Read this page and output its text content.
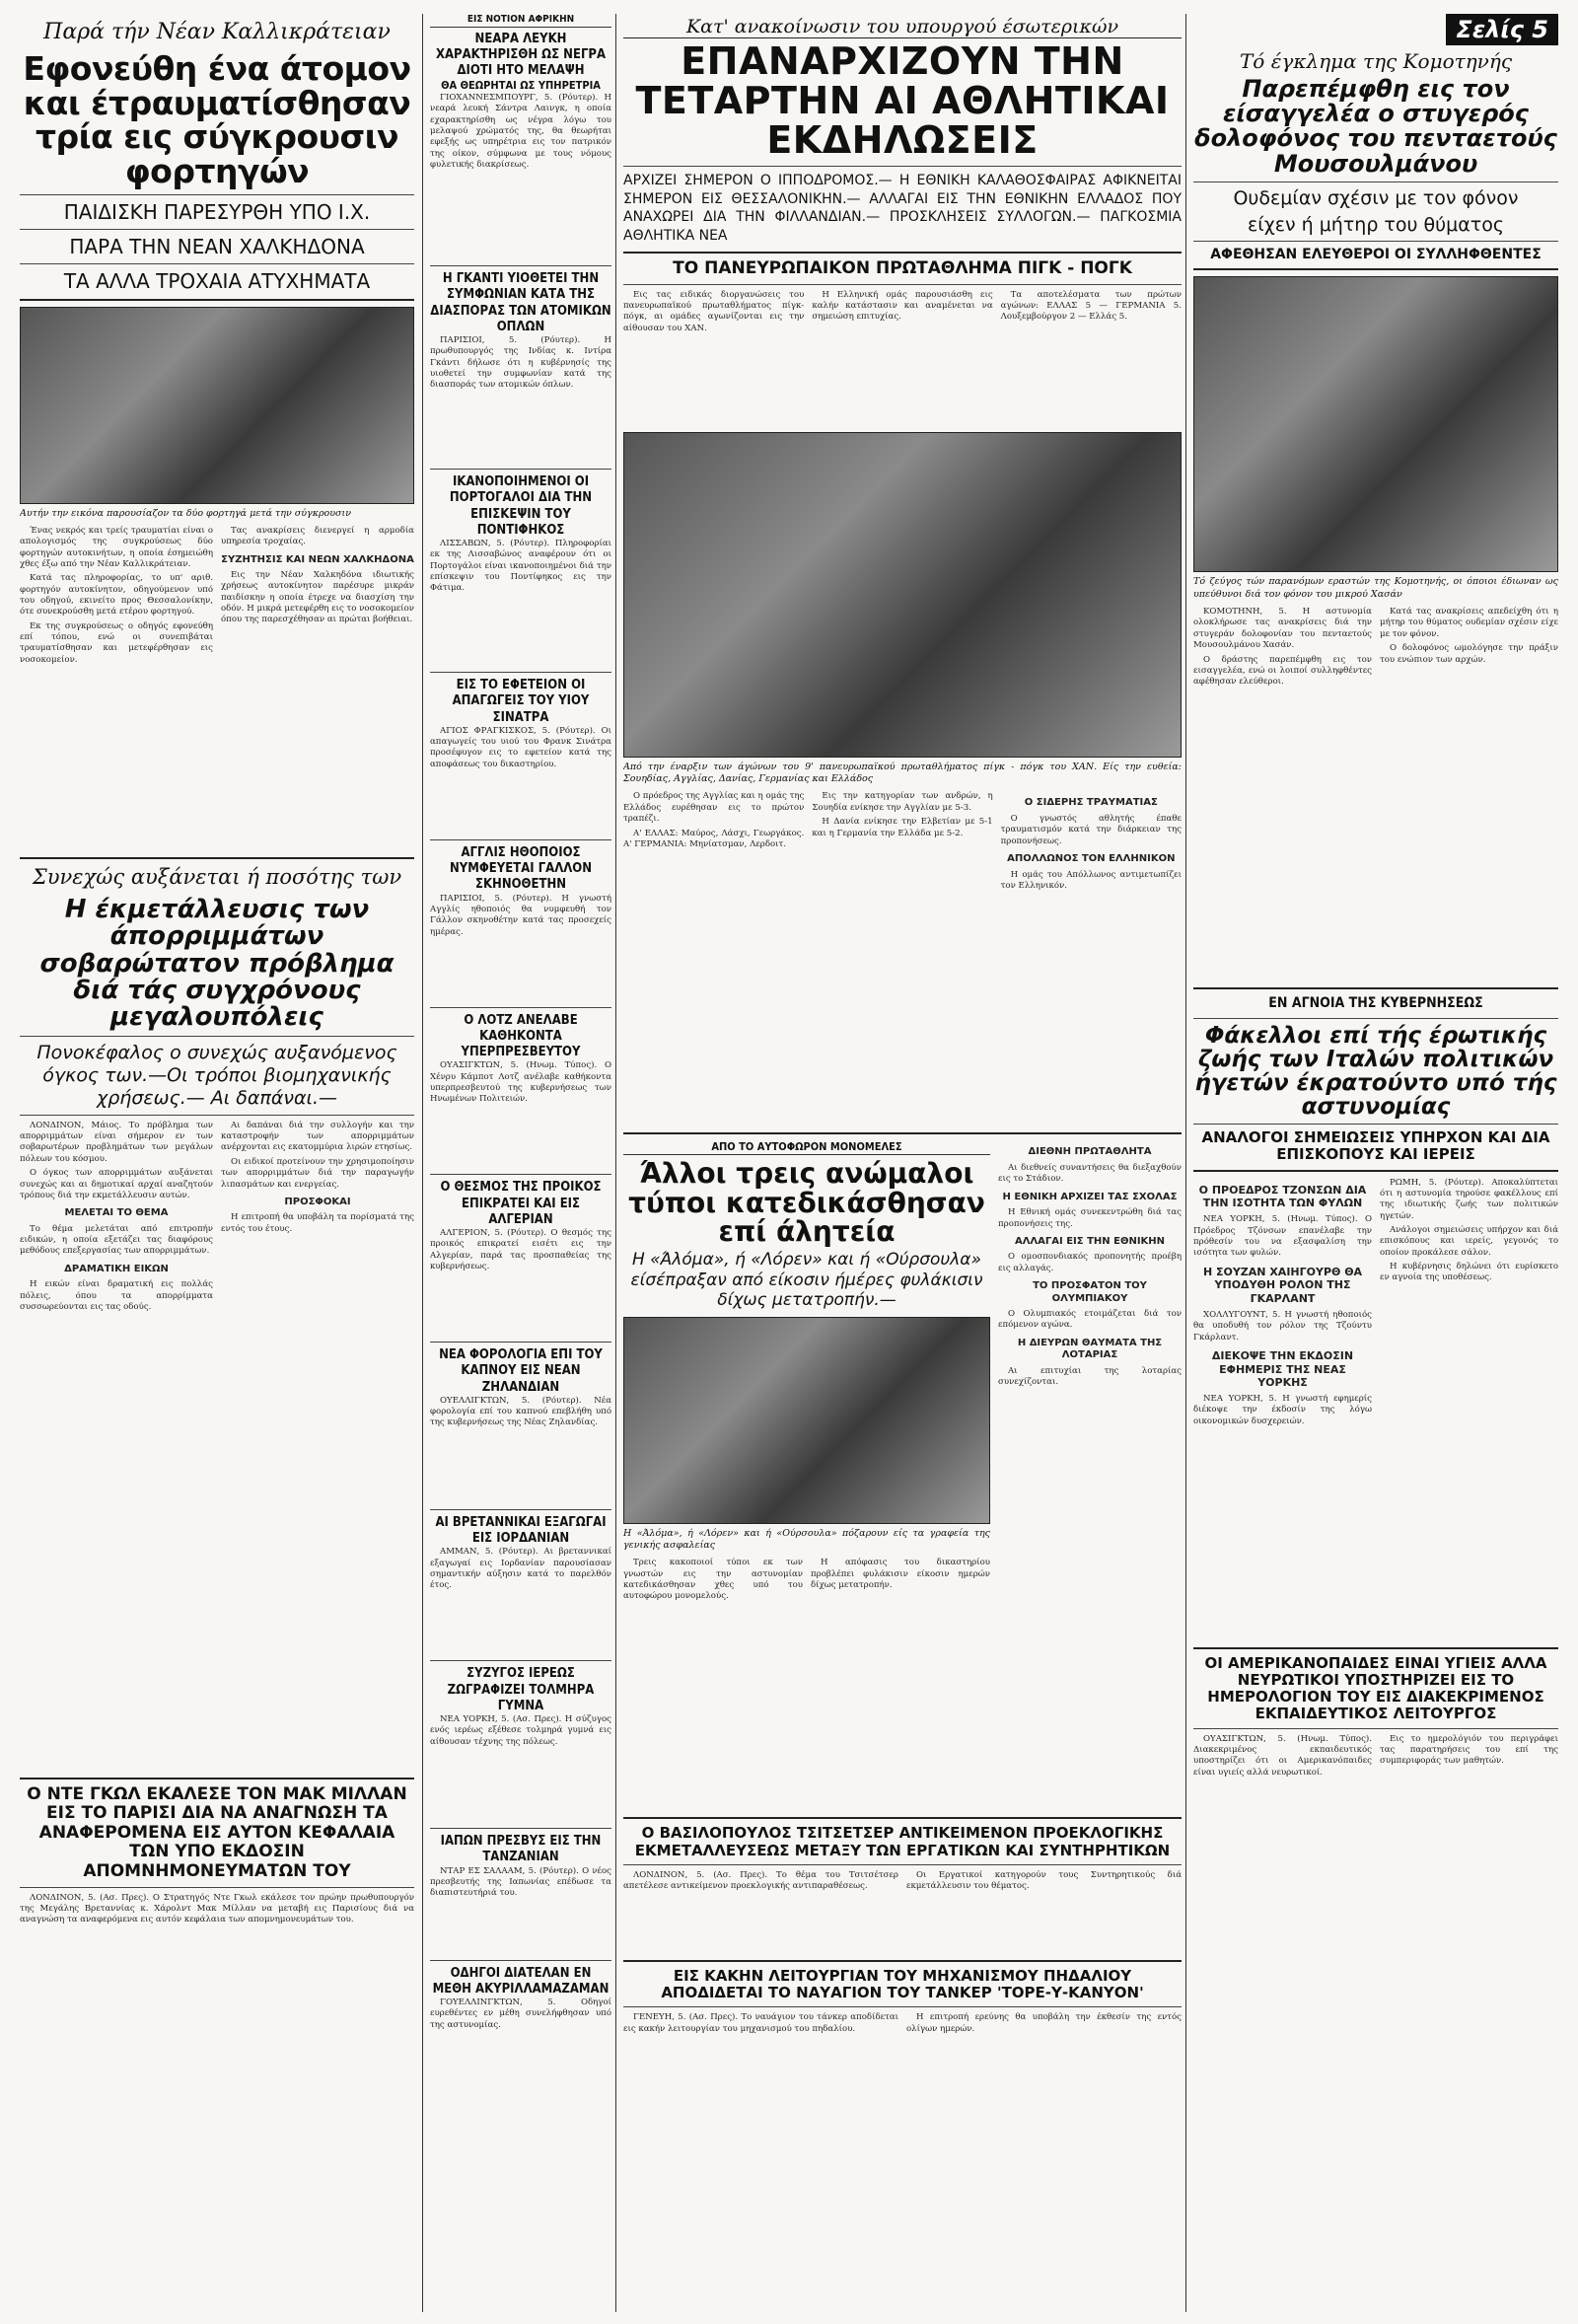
Παρά τήν Νέαν Καλλικράτειαν
Εφονεύθη ένα άτομον και έτραυματίσθησαν τρία εις σύγκρουσιν φορτηγών
ΠΑΙΔΙΣΚΗ ΠΑΡΕΣΥΡΘΗ ΥΠΟ Ι.Χ.
ΠΑΡΑ ΤΗΝ ΝΕΑΝ ΧΑΛΚΗΔΟΝΑ
ΤΑ ΑΛΛΑ ΤΡΟΧΑΙΑ ΑΤΥΧΗΜΑΤΑ
Αυτήν την εικόνα παρουσίαζον τα δύο φορτηγά μετά την σύγκρουσιν

Ένας νεκρός και τρείς τραυματίαι είναι ο απολογισμός της συγκρούσεως δύο φορτηγών αυτοκινήτων, η οποία έσημειώθη χθες έξω από την Νέαν Καλλικράτειαν.

Κατά τας πληροφορίας, το υπ' αριθ. φορτηγόν αυτοκίνητον, οδηγούμενον υπό του οδηγού, εκινείτο προς Θεσσαλονίκην, ότε συνεκρούσθη μετά ετέρου φορτηγού.

Εκ της συγκρούσεως ο οδηγός εφονεύθη επί τόπου, ενώ οι συνεπιβάται τραυματίσθησαν και μετεφέρθησαν εις νοσοκομείον.

Τας ανακρίσεις διενεργεί η αρμοδία υπηρεσία τροχαίας.

ΣΥΖΗΤΗΣΙΣ ΚΑΙ ΝΕΩΝ ΧΑΛΚΗΔΟΝΑ

Εις την Νέαν Χαλκηδόνα ιδιωτικής χρήσεως αυτοκίνητον παρέσυρε μικράν παιδίσκην η οποία έτρεχε να διασχίση την οδόν. Η μικρά μετεφέρθη εις το νοσοκομείον όπου της παρεσχέθησαν αι πρώται βοήθειαι.

Συνεχώς αυξάνεται ή ποσότης των
Η έκμετάλλευσις των άπορριμμάτων σοβαρώτατον πρόβλημα διά τάς συγχρόνους μεγαλουπόλεις
Πονοκέφαλος ο συνεχώς αυξανόμενος όγκος των.—Οι τρόποι βιομηχανικής χρήσεως.— Αι δαπάναι.—

ΛΟΝΔΙΝΟΝ, Μάιος. Το πρόβλημα των απορριμμάτων είναι σήμερον εν των σοβαρωτέρων προβλημάτων των μεγάλων πόλεων του κόσμου.

Ο όγκος των απορριμμάτων αυξάνεται συνεχώς και αι δημοτικαί αρχαί αναζητούν τρόπους διά την εκμετάλλευσιν αυτών.

ΜΕΛΕΤΑΙ ΤΟ ΘΕΜΑ

Το θέμα μελετάται από επιτροπήν ειδικών, η οποία εξετάζει τας διαφόρους μεθόδους επεξεργασίας των απορριμμάτων.

ΔΡΑΜΑΤΙΚΗ ΕΙΚΩΝ

Η εικών είναι δραματική εις πολλάς πόλεις, όπου τα απορρίμματα συσσωρεύονται εις τας οδούς.

Αι δαπάναι διά την συλλογήν και την καταστροφήν των απορριμμάτων ανέρχονται εις εκατομμύρια λιρών ετησίως.

Οι ειδικοί προτείνουν την χρησιμοποίησιν των απορριμμάτων διά την παραγωγήν λιπασμάτων και ενεργείας.

ΠΡΟΣΦΟΚΑΙ

Η επιτροπή θα υποβάλη τα πορίσματά της εντός του έτους.

Ο ΝΤΕ ΓΚΩΛ ΕΚΑΛΕΣΕ ΤΟΝ ΜΑΚ ΜΙΛΛΑΝ ΕΙΣ ΤΟ ΠΑΡΙΣΙ ΔΙΑ ΝΑ ΑΝΑΓΝΩΣΗ ΤΑ ΑΝΑΦΕΡΟΜΕΝΑ ΕΙΣ ΑΥΤΟΝ ΚΕΦΑΛΑΙΑ ΤΩΝ ΥΠΟ ΕΚΔΟΣΙΝ ΑΠΟΜΝΗΜΟΝΕΥΜΑΤΩΝ ΤΟΥ

ΛΟΝΔΙΝΟΝ, 5. (Ασ. Πρες). Ο Στρατηγός Ντε Γκωλ εκάλεσε τον πρώην πρωθυπουργόν της Μεγάλης Βρεταννίας κ. Χάρολντ Μακ Μίλλαν να μεταβή εις Παρισίους διά να αναγνώση τα αναφερόμενα εις αυτόν κεφάλαια των απομνημονευμάτων του.

ΕΙΣ ΝΟΤΙΟΝ ΑΦΡΙΚΗΝ
ΝΕΑΡΑ ΛΕΥΚΗ ΧΑΡΑΚΤΗΡΙΣΘΗ ΩΣ ΝΕΓΡΑ ΔΙΟΤΙ ΗΤΟ ΜΕΛΑΨΗ
ΘΑ ΘΕΩΡΗΤΑΙ ΩΣ ΥΠΗΡΕΤΡΙΑ

ΓΙΟΧΑΝΝΕΣΜΠΟΥΡΓ, 5. (Ρόυτερ). Η νεαρά λευκή Σάντρα Λαινγκ, η οποία εχαρακτηρίσθη ως νέγρα λόγω του μελαψού χρώματός της, θα θεωρήται εφεξής ως υπηρέτρια εις τον πατρικόν της οίκον, σύμφωνα με τους νόμους φυλετικής διακρίσεως.

Η ΓΚΑΝΤΙ ΥΙΟΘΕΤΕΙ ΤΗΝ ΣΥΜΦΩΝΙΑΝ ΚΑΤΑ ΤΗΣ ΔΙΑΣΠΟΡΑΣ ΤΩΝ ΑΤΟΜΙΚΩΝ ΟΠΛΩΝ

ΠΑΡΙΣΙΟΙ, 5. (Ρόυτερ). Η πρωθυπουργός της Ινδίας κ. Ιντίρα Γκάντι δήλωσε ότι η κυβέρνησίς της υιοθετεί την συμφωνίαν κατά της διασποράς των ατομικών όπλων.

ΙΚΑΝΟΠΟΙΗΜΕΝΟΙ ΟΙ ΠΟΡΤΟΓΑΛΟΙ ΔΙΑ ΤΗΝ ΕΠΙΣΚΕΨΙΝ ΤΟΥ ΠΟΝΤΙΦΗΚΟΣ

ΛΙΣΣΑΒΩΝ, 5. (Ρόυτερ). Πληροφορίαι εκ της Λισσαβώνος αναφέρουν ότι οι Πορτογάλοι είναι ικανοποιημένοι διά την επίσκεψιν του Ποντίφηκος εις την Φάτιμα.

ΕΙΣ ΤΟ ΕΦΕΤΕΙΟΝ ΟΙ ΑΠΑΓΩΓΕΙΣ ΤΟΥ ΥΙΟΥ ΣΙΝΑΤΡΑ

ΑΓΙΟΣ ΦΡΑΓΚΙΣΚΟΣ, 5. (Ρόυτερ). Οι απαγωγείς του υιού του Φρανκ Σινάτρα προσέφυγον εις το εφετείον κατά της αποφάσεως του δικαστηρίου.

ΑΓΓΛΙΣ ΗΘΟΠΟΙΟΣ ΝΥΜΦΕΥΕΤΑΙ ΓΑΛΛΟΝ ΣΚΗΝΟΘΕΤΗΝ

ΠΑΡΙΣΙΟΙ, 5. (Ρόυτερ). Η γνωστή Αγγλίς ηθοποιός θα νυμφευθή τον Γάλλον σκηνοθέτην κατά τας προσεχείς ημέρας.

Ο ΛΟΤΖ ΑΝΕΛΑΒΕ ΚΑΘΗΚΟΝΤΑ ΥΠΕΡΠΡΕΣΒΕΥΤΟΥ

ΟΥΑΣΙΓΚΤΩΝ, 5. (Ηνωμ. Τύπος). Ο Χένρυ Κάμποτ Λοτζ ανέλαβε καθήκοντα υπερπρεσβευτού της κυβερνήσεως των Ηνωμένων Πολιτειών.

Ο ΘΕΣΜΟΣ ΤΗΣ ΠΡΟΙΚΟΣ ΕΠΙΚΡΑΤΕΙ ΚΑΙ ΕΙΣ ΑΛΓΕΡΙΑΝ

ΑΛΓΕΡΙΟΝ, 5. (Ρόυτερ). Ο θεσμός της προικός επικρατεί εισέτι εις την Αλγερίαν, παρά τας προσπαθείας της κυβερνήσεως.

ΝΕΑ ΦΟΡΟΛΟΓΙΑ ΕΠΙ ΤΟΥ ΚΑΠΝΟΥ ΕΙΣ ΝΕΑΝ ΖΗΛΑΝΔΙΑΝ

ΟΥΕΛΛΙΓΚΤΩΝ, 5. (Ρόυτερ). Νέα φορολογία επί του καπνού επεβλήθη υπό της κυβερνήσεως της Νέας Ζηλανδίας.

ΑΙ ΒΡΕΤΑΝΝΙΚΑΙ ΕΞΑΓΩΓΑΙ ΕΙΣ ΙΟΡΔΑΝΙΑΝ

ΑΜΜΑΝ, 5. (Ρόυτερ). Αι βρεταννικαί εξαγωγαί εις Ιορδανίαν παρουσίασαν σημαντικήν αύξησιν κατά το παρελθόν έτος.

ΣΥΖΥΓΟΣ ΙΕΡΕΩΣ ΖΩΓΡΑΦΙΖΕΙ ΤΟΛΜΗΡΑ ΓΥΜΝΑ

ΝΕΑ ΥΟΡΚΗ, 5. (Ασ. Πρες). Η σύζυγος ενός ιερέως εξέθεσε τολμηρά γυμνά εις αίθουσαν τέχνης της πόλεως.

ΙΑΠΩΝ ΠΡΕΣΒΥΣ ΕΙΣ ΤΗΝ ΤΑΝΖΑΝΙΑΝ

ΝΤΑΡ ΕΣ ΣΑΛΑΑΜ, 5. (Ρόυτερ). Ο νέος πρεσβευτής της Ιαπωνίας επέδωσε τα διαπιστευτήριά του.

ΟΔΗΓΟΙ ΔΙΑΤΕΛΑΝ ΕΝ ΜΕΘΗ ΑΚΥΡΙΛΛΑΜΑΖΑΜΑΝ

ΓΟΥΕΛΛΙΝΓΚΤΩΝ, 5. Οδηγοί ευρεθέντες εν μέθη συνελήφθησαν υπό της αστυνομίας.

Κατ' ανακοίνωσιν του υπουργού έσωτερικών
ΕΠΑΝΑΡΧΙΖΟΥΝ ΤΗΝ ΤΕΤΑΡΤΗΝ ΑΙ ΑΘΛΗΤΙΚΑΙ ΕΚΔΗΛΩΣΕΙΣ
ΑΡΧΙΖΕΙ ΣΗΜΕΡΟΝ Ο ΙΠΠΟΔΡΟΜΟΣ.— Η ΕΘΝΙΚΗ ΚΑΛΑΘΟΣΦΑΙΡΑΣ ΑΦΙΚΝΕΙΤΑΙ ΣΗΜΕΡΟΝ ΕΙΣ ΘΕΣΣΑΛΟΝΙΚΗΝ.— ΑΛΛΑΓΑΙ ΕΙΣ ΤΗΝ ΕΘΝΙΚΗΝ ΕΛΛΑΔΟΣ ΠΟΥ ΑΝΑΧΩΡΕΙ ΔΙΑ ΤΗΝ ΦΙΛΛΑΝΔΙΑΝ.— ΠΡΟΣΚΛΗΣΕΙΣ ΣΥΛΛΟΓΩΝ.— ΠΑΓΚΟΣΜΙΑ ΑΘΛΗΤΙΚΑ ΝΕΑ
ΤΟ ΠΑΝΕΥΡΩΠΑΙΚΟΝ ΠΡΩΤΑΘΛΗΜΑ ΠΙΓΚ - ΠΟΓΚ

Εις τας ειδικάς διοργανώσεις του πανευρωπαϊκού πρωταθλήματος πίγκ-πόγκ, αι ομάδες αγωνίζονται εις την αίθουσαν του ΧΑΝ.

Η Ελληνική ομάς παρουσιάσθη εις καλήν κατάστασιν και αναμένεται να σημειώση επιτυχίας.

Τα αποτελέσματα των πρώτων αγώνων: ΕΛΛΑΣ 5 — ΓΕΡΜΑΝΙΑ 5. Λουξεμβούργον 2 — Ελλάς 5.

Από την έναρξιν των άγώνων του 9' πανευρωπαϊκού πρωταθλήματος πίγκ - πόγκ του ΧΑΝ. Είς την ευθεία: Σουηδίας, Αγγλίας, Δανίας, Γερμανίας και Ελλάδος

Ο πρόεδρος της Αγγλίας και η ομάς της Ελλάδος ευρέθησαν εις το πρώτον τραπέζι.

Α' ΕΛΛΑΣ: Μαύρος, Λάσχι, Γεωργάκος. Α' ΓΕΡΜΑΝΙΑ: Μηνίατσμαν, Λερδοιτ.

Εις την κατηγορίαν των ανδρών, η Σουηδία ενίκησε την Αγγλίαν με 5-3.

Η Δανία ενίκησε την Ελβετίαν με 5-1 και η Γερμανία την Ελλάδα με 5-2.

Ο ΣΙΔΕΡΗΣ ΤΡΑΥΜΑΤΙΑΣ

Ο γνωστός αθλητής έπαθε τραυματισμόν κατά την διάρκειαν της προπονήσεως.

ΑΠΟΛΛΩΝΟΣ ΤΟΝ ΕΛΛΗΝΙΚΟΝ

Η ομάς του Απόλλωνος αντιμετωπίζει τον Ελληνικόν.

ΑΠΟ ΤΟ ΑΥΤΟΦΩΡΟΝ ΜΟΝΟΜΕΛΕΣ
Άλλοι τρεις ανώμαλοι τύποι κατεδικάσθησαν επί άλητεία
Η «Άλόμα», ή «Λόρεν» και ή «Ούρσουλα» είσέπραξαν από είκοσιν ήμέρες φυλάκισιν δίχως μετατροπήν.—
Η «Άλόμα», ή «Λόρεν» και ή «Ούρσουλα» πόζαρουν είς τα γραφεία της γενικής ασφαλείας

Τρεις κακοποιοί τύποι εκ των γνωστών εις την αστυνομίαν κατεδικάσθησαν χθες υπό του αυτοφώρου μονομελούς.

Η απόφασις του δικαστηρίου προβλέπει φυλάκισιν είκοσιν ημερών δίχως μετατροπήν.

ΔΙΕΘΝΗ ΠΡΩΤΑΘΛΗΤΑ

Αι διεθνείς συναντήσεις θα διεξαχθούν εις το Στάδιον.

Η ΕΘΝΙΚΗ ΑΡΧΙΖΕΙ ΤΑΣ ΣΧΟΛΑΣ

Η Εθνική ομάς συνεκεντρώθη διά τας προπονήσεις της.

ΑΛΛΑΓΑΙ ΕΙΣ ΤΗΝ ΕΘΝΙΚΗΝ

Ο ομοσπονδιακός προπονητής προέβη εις αλλαγάς.

ΤΟ ΠΡΟΣΦΑΤΟΝ ΤΟΥ ΟΛΥΜΠΙΑΚΟΥ

Ο Ολυμπιακός ετοιμάζεται διά τον επόμενον αγώνα.

Η ΔΙΕΥΡΩΝ ΘΑΥΜΑΤΑ ΤΗΣ ΛΟΤΑΡΙΑΣ

Αι επιτυχίαι της λοταρίας συνεχίζονται.

Ο ΒΑΣΙΛΟΠΟΥΛΟΣ ΤΣΙΤΣΕΤΣΕΡ ΑΝΤΙΚΕΙΜΕΝΟΝ ΠΡΟΕΚΛΟΓΙΚΗΣ ΕΚΜΕΤΑΛΛΕΥΣΕΩΣ ΜΕΤΑΞΥ ΤΩΝ ΕΡΓΑΤΙΚΩΝ ΚΑΙ ΣΥΝΤΗΡΗΤΙΚΩΝ

ΛΟΝΔΙΝΟΝ, 5. (Ασ. Πρες). Το θέμα του Τσιτσέτσερ απετέλεσε αντικείμενον προεκλογικής αντιπαραθέσεως.

Οι Εργατικοί κατηγορούν τους Συντηρητικούς διά εκμετάλλευσιν του θέματος.

ΕΙΣ ΚΑΚΗΝ ΛΕΙΤΟΥΡΓΙΑΝ ΤΟΥ ΜΗΧΑΝΙΣΜΟΥ ΠΗΔΑΛΙΟΥ ΑΠΟΔΙΔΕΤΑΙ ΤΟ ΝΑΥΑΓΙΟΝ ΤΟΥ ΤΑΝΚΕΡ 'ΤΟΡΕ-Υ-ΚΑΝΥΟΝ'

ΓΕΝΕΥΗ, 5. (Ασ. Πρες). Το ναυάγιον του τάνκερ αποδίδεται εις κακήν λειτουργίαν του μηχανισμού του πηδαλίου.

Η επιτροπή ερεύνης θα υποβάλη την έκθεσίν της εντός ολίγων ημερών.

Σελίς 5
Τό έγκλημα της Κομοτηνής
Παρεπέμφθη εις τον είσαγγελέα ο στυγερός δολοφόνος του πενταετούς Μουσουλμάνου
Ουδεμίαν σχέσιν με τον φόνον
είχεν ή μήτηρ του θύματος
ΑΦΕΘΗΣΑΝ ΕΛΕΥΘΕΡΟΙ ΟΙ ΣΥΛΛΗΦΘΕΝΤΕΣ
Τό ζεύγος τών παρανόμων εραστών της Κομοτηνής, οι όποιοι έδιωναν ως υπεύθυνοι διά τον φόνον του μικρού Χασάν

ΚΟΜΟΤΗΝΗ, 5. Η αστυνομία ολοκλήρωσε τας ανακρίσεις διά την στυγεράν δολοφονίαν του πενταετούς Μουσουλμάνου Χασάν.

Ο δράστης παρεπέμφθη εις τον εισαγγελέα, ενώ οι λοιποί συλληφθέντες αφέθησαν ελεύθεροι.

Κατά τας ανακρίσεις απεδείχθη ότι η μήτηρ του θύματος ουδεμίαν σχέσιν είχε με τον φόνον.

Ο δολοφόνος ωμολόγησε την πράξιν του ενώπιον των αρχών.

ΕΝ ΑΓΝΟΙΑ ΤΗΣ ΚΥΒΕΡΝΗΣΕΩΣ
Φάκελλοι επί τής έρωτικής ζωής των Ιταλών πολιτικών ήγετών έκρατούντο υπό τής αστυνομίας
ΑΝΑΛΟΓΟΙ ΣΗΜΕΙΩΣΕΙΣ ΥΠΗΡΧΟΝ ΚΑΙ ΔΙΑ ΕΠΙΣΚΟΠΟΥΣ ΚΑΙ ΙΕΡΕΙΣ
Ο ΠΡΟΕΔΡΟΣ ΤΖΟΝΣΩΝ ΔΙΑ ΤΗΝ ΙΣΟΤΗΤΑ ΤΩΝ ΦΥΛΩΝ

ΝΕΑ ΥΟΡΚΗ, 5. (Ηνωμ. Τύπος). Ο Πρόεδρος Τζόνσων επανέλαβε την πρόθεσίν του να εξασφαλίση την ισότητα των φυλών.

Η ΣΟΥΖΑΝ ΧΑΙΗΓΟΥΡΘ ΘΑ ΥΠΟΔΥΘΗ ΡΟΛΟΝ ΤΗΣ ΓΚΑΡΛΑΝΤ

ΧΟΛΛΥΓΟΥΝΤ, 5. Η γνωστή ηθοποιός θα υποδυθή τον ρόλον της Τζούντυ Γκάρλαντ.

ΔΙΕΚΟΨΕ ΤΗΝ ΕΚΔΟΣΙΝ ΕΦΗΜΕΡΙΣ ΤΗΣ ΝΕΑΣ ΥΟΡΚΗΣ

ΝΕΑ ΥΟΡΚΗ, 5. Η γνωστή εφημερίς διέκοψε την έκδοσίν της λόγω οικονομικών δυσχερειών.

ΡΩΜΗ, 5. (Ρόυτερ). Αποκαλύπτεται ότι η αστυνομία τηρούσε φακέλλους επί της ιδιωτικής ζωής των πολιτικών ηγετών.

Ανάλογοι σημειώσεις υπήρχον και διά επισκόπους και ιερείς, γεγονός το οποίον προκάλεσε σάλον.

Η κυβέρνησις δηλώνει ότι ευρίσκετο εν αγνοία της υποθέσεως.

ΟΙ ΑΜΕΡΙΚΑΝΟΠΑΙΔΕΣ ΕΙΝΑΙ ΥΓΙΕΙΣ ΑΛΛΑ ΝΕΥΡΩΤΙΚΟΙ ΥΠΟΣΤΗΡΙΖΕΙ ΕΙΣ ΤΟ ΗΜΕΡΟΛΟΓΙΟΝ ΤΟΥ ΕΙΣ ΔΙΑΚΕΚΡΙΜΕΝΟΣ ΕΚΠΑΙΔΕΥΤΙΚΟΣ ΛΕΙΤΟΥΡΓΟΣ

ΟΥΑΣΙΓΚΤΩΝ, 5. (Ηνωμ. Τύπος). Διακεκριμένος εκπαιδευτικός υποστηρίζει ότι οι Αμερικανόπαιδες είναι υγιείς αλλά νευρωτικοί.

Εις το ημερολόγιόν του περιγράφει τας παρατηρήσεις του επί της συμπεριφοράς των μαθητών.
